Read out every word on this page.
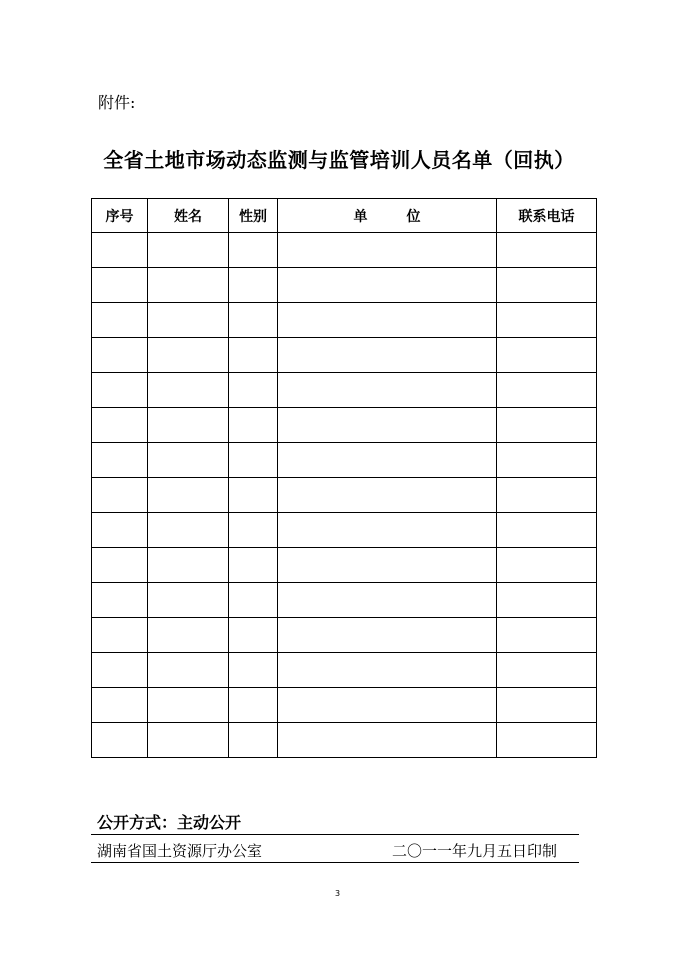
附件:
全省土地市场动态监测与监管培训人员名单（回执）
序号	姓名	性别	单        位	联系电话

公开方式：主动公开
湖南省国土资源厅办公室	二〇一一年九月五日印制
3
